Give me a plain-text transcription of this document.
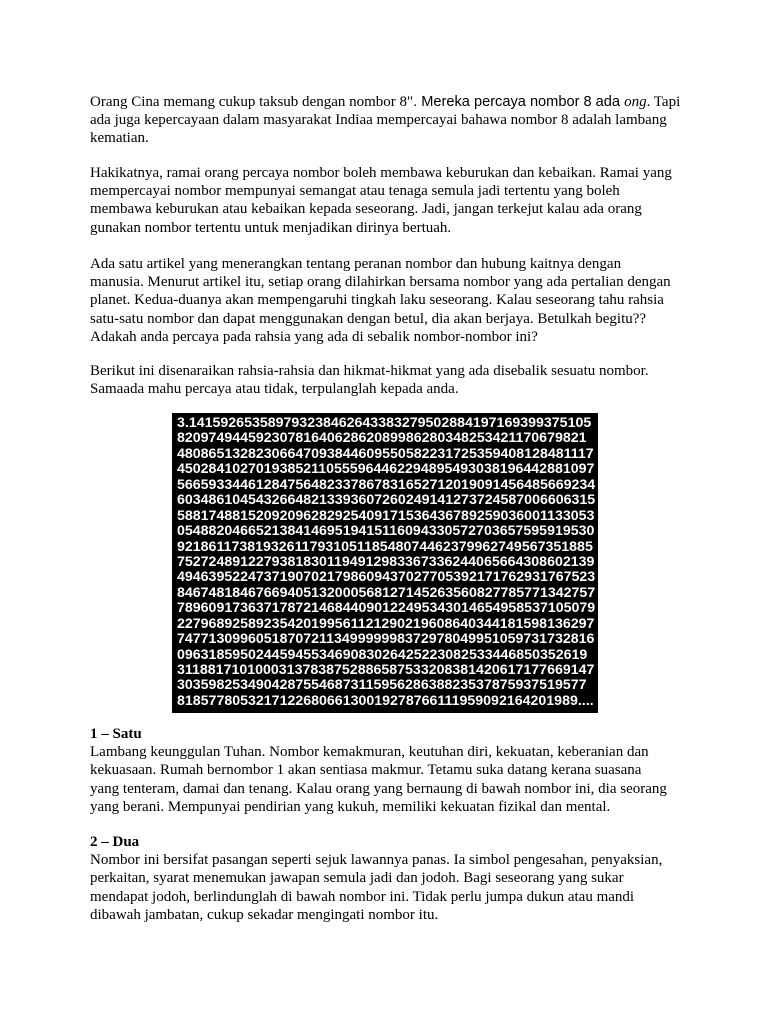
Orang Cina memang cukup taksub dengan nombor 8". Mereka percaya nombor 8 ada ong. Tapi
ada juga kepercayaan dalam masyarakat Indiaa mempercayai bahawa nombor 8 adalah lambang
kematian.
Hakikatnya, ramai orang percaya nombor boleh membawa keburukan dan kebaikan. Ramai yang
mempercayai nombor mempunyai semangat atau tenaga semula jadi tertentu yang boleh
membawa keburukan atau kebaikan kepada seseorang. Jadi, jangan terkejut kalau ada orang
gunakan nombor tertentu untuk menjadikan dirinya bertuah.
Ada satu artikel yang menerangkan tentang peranan nombor dan hubung kaitnya dengan
manusia. Menurut artikel itu, setiap orang dilahirkan bersama nombor yang ada pertalian dengan
planet. Kedua-duanya akan mempengaruhi tingkah laku seseorang. Kalau seseorang tahu rahsia
satu-satu nombor dan dapat menggunakan dengan betul, dia akan berjaya. Betulkah begitu??
Adakah anda percaya pada rahsia yang ada di sebalik nombor-nombor ini?
Berikut ini disenaraikan rahsia-rahsia dan hikmat-hikmat yang ada disebalik sesuatu nombor.
Samaada mahu percaya atau tidak, terpulanglah kepada anda.
3.141592653589793238462643383279502884197169399375105
8209749445923078164062862089986280348253421170679821
48086513282306647093844609550582231725359408128481117
45028410270193852110555964462294895493038196442881097
56659334461284756482337867831652712019091456485669234
60348610454326648213393607260249141273724587006606315
58817488152092096282925409171536436789259036001133053
05488204665213841469519415116094330572703657595919530
92186117381932611793105118548074462379962749567351885
75272489122793818301194912983367336244065664308602139
49463952247371907021798609437027705392171762931767523
84674818467669405132000568127145263560827785771342757
78960917363717872146844090122495343014654958537105079
22796892589235420199561121290219608640344181598136297
74771309960518707211349999998372978049951059731732816
0963185950244594553469083026425223082533446850352619
31188171010003137838752886587533208381420617177669147
3035982534904287554687311595628638823537875937519577
818577805321712268066130019278766111959092164201989....
1 – Satu
Lambang keunggulan Tuhan. Nombor kemakmuran, keutuhan diri, kekuatan, keberanian dan
kekuasaan. Rumah bernombor 1 akan sentiasa makmur. Tetamu suka datang kerana suasana
yang tenteram, damai dan tenang. Kalau orang yang bernaung di bawah nombor ini, dia seorang
yang berani. Mempunyai pendirian yang kukuh, memiliki kekuatan fizikal dan mental.
2 – Dua
Nombor ini bersifat pasangan seperti sejuk lawannya panas. Ia simbol pengesahan, penyaksian,
perkaitan, syarat menemukan jawapan semula jadi dan jodoh. Bagi seseorang yang sukar
mendapat jodoh, berlindunglah di bawah nombor ini. Tidak perlu jumpa dukun atau mandi
dibawah jambatan, cukup sekadar mengingati nombor itu.
